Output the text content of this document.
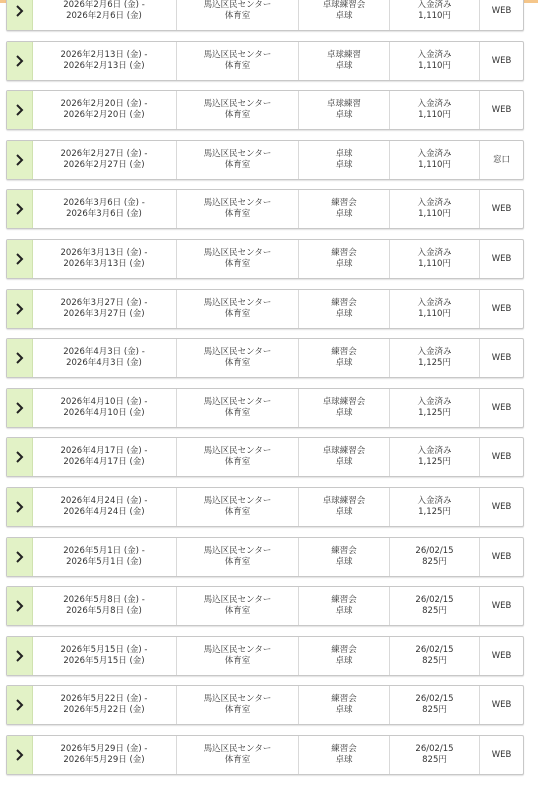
2026年2月6日 (金) -
2026年2月6日 (金)
馬込区民センター
体育室
卓球練習会
卓球
入金済み
1,110円
WEB
2026年2月13日 (金) -
2026年2月13日 (金)
馬込区民センター
体育室
卓球練習
卓球
入金済み
1,110円
WEB
2026年2月20日 (金) -
2026年2月20日 (金)
馬込区民センター
体育室
卓球練習
卓球
入金済み
1,110円
WEB
2026年2月27日 (金) -
2026年2月27日 (金)
馬込区民センター
体育室
卓球
卓球
入金済み
1,110円
窓口
2026年3月6日 (金) -
2026年3月6日 (金)
馬込区民センター
体育室
練習会
卓球
入金済み
1,110円
WEB
2026年3月13日 (金) -
2026年3月13日 (金)
馬込区民センター
体育室
練習会
卓球
入金済み
1,110円
WEB
2026年3月27日 (金) -
2026年3月27日 (金)
馬込区民センター
体育室
練習会
卓球
入金済み
1,110円
WEB
2026年4月3日 (金) -
2026年4月3日 (金)
馬込区民センター
体育室
練習会
卓球
入金済み
1,125円
WEB
2026年4月10日 (金) -
2026年4月10日 (金)
馬込区民センター
体育室
卓球練習会
卓球
入金済み
1,125円
WEB
2026年4月17日 (金) -
2026年4月17日 (金)
馬込区民センター
体育室
卓球練習会
卓球
入金済み
1,125円
WEB
2026年4月24日 (金) -
2026年4月24日 (金)
馬込区民センター
体育室
卓球練習会
卓球
入金済み
1,125円
WEB
2026年5月1日 (金) -
2026年5月1日 (金)
馬込区民センター
体育室
練習会
卓球
26/02/15
825円
WEB
2026年5月8日 (金) -
2026年5月8日 (金)
馬込区民センター
体育室
練習会
卓球
26/02/15
825円
WEB
2026年5月15日 (金) -
2026年5月15日 (金)
馬込区民センター
体育室
練習会
卓球
26/02/15
825円
WEB
2026年5月22日 (金) -
2026年5月22日 (金)
馬込区民センター
体育室
練習会
卓球
26/02/15
825円
WEB
2026年5月29日 (金) -
2026年5月29日 (金)
馬込区民センター
体育室
練習会
卓球
26/02/15
825円
WEB
